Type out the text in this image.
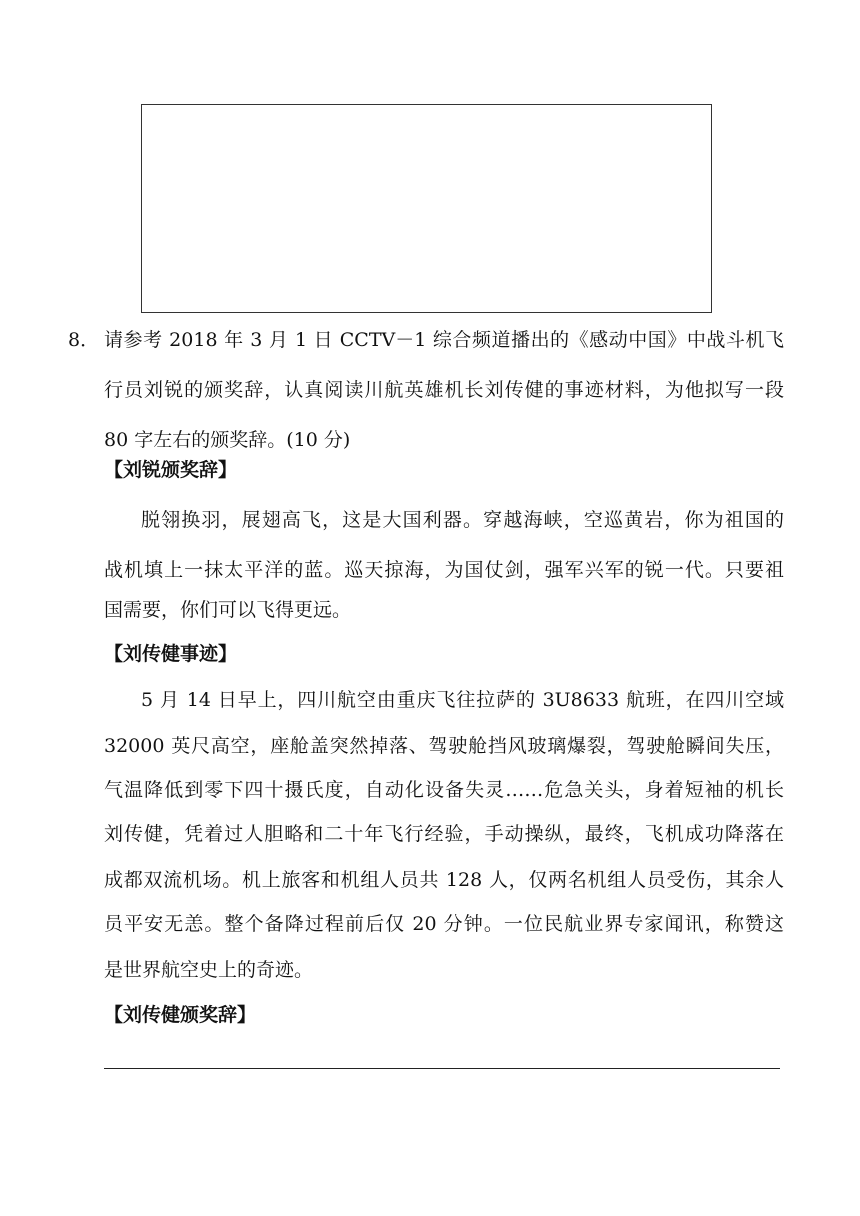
8． 请参考 2018 年 3 月 1 日 CCTV－1 综合频道播出的《感动中国》中战斗机飞
行员刘锐的颁奖辞，认真阅读川航英雄机长刘传健的事迹材料，为他拟写一段
80 字左右的颁奖辞。(10 分)
【刘锐颁奖辞】
脱翎换羽，展翅高飞，这是大国利器。穿越海峡，空巡黄岩，你为祖国的
战机填上一抹太平洋的蓝。巡天掠海，为国仗剑，强军兴军的锐一代。只要祖
国需要，你们可以飞得更远。
【刘传健事迹】
5 月 14 日早上，四川航空由重庆飞往拉萨的 3U8633 航班，在四川空域
32000 英尺高空，座舱盖突然掉落、驾驶舱挡风玻璃爆裂，驾驶舱瞬间失压，
气温降低到零下四十摄氏度，自动化设备失灵……危急关头，身着短袖的机长
刘传健，凭着过人胆略和二十年飞行经验，手动操纵，最终，飞机成功降落在
成都双流机场。机上旅客和机组人员共 128 人，仅两名机组人员受伤，其余人
员平安无恙。整个备降过程前后仅 20 分钟。一位民航业界专家闻讯，称赞这
是世界航空史上的奇迹。
【刘传健颁奖辞】
